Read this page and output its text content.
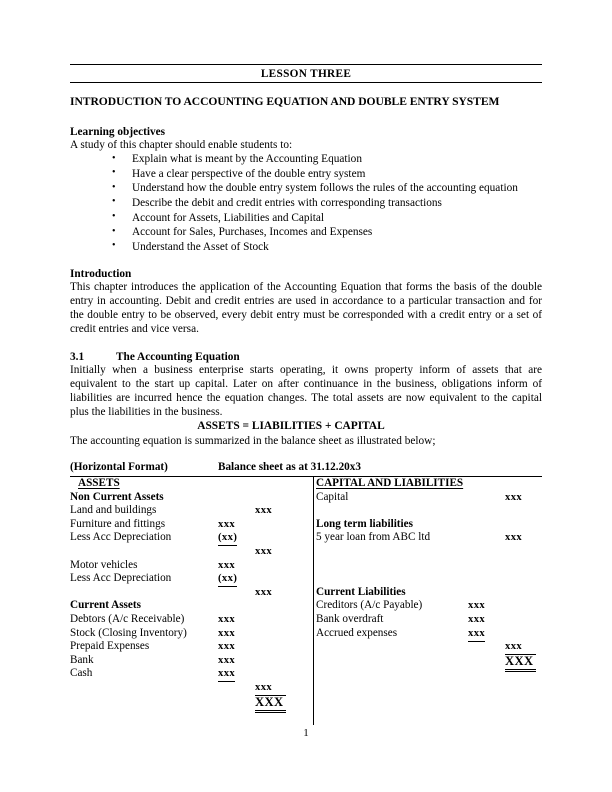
LESSON THREE
INTRODUCTION TO ACCOUNTING EQUATION AND DOUBLE ENTRY SYSTEM
Learning objectives
A study of this chapter should enable students to:
• Explain what is meant by the Accounting Equation
• Have a clear perspective of the double entry system
• Understand how the double entry system follows the rules of the accounting equation
• Describe the debit and credit entries with corresponding transactions
• Account for Assets, Liabilities and Capital
• Account for Sales, Purchases, Incomes and Expenses
• Understand the Asset of Stock
Introduction
This chapter introduces the application of the Accounting Equation that forms the basis of the double entry in accounting. Debit and credit entries are used in accordance to a particular transaction and for the double entry to be observed, every debit entry must be corresponded with a credit entry or a set of credit entries and vice versa.
3.1	The Accounting Equation
Initially when a business enterprise starts operating, it owns property inform of assets that are equivalent to the start up capital. Later on after continuance in the business, obligations inform of liabilities are incurred hence the equation changes. The total assets are now equivalent to the capital plus the liabilities in the business.
ASSETS = LIABILITIES + CAPITAL
The accounting equation is summarized in the balance sheet as illustrated below;
(Horizontal Format)	Balance sheet as at 31.12.20x3
ASSETS
Non Current Assets
Land and buildings	xxx
Furniture and fittings	xxx
Less Acc Depreciation	(xx)
xxx
Motor vehicles	xxx
Less Acc Depreciation	(xx)
xxx
Current Assets
Debtors (A/c Receivable)	xxx
Stock (Closing Inventory)	xxx
Prepaid Expenses	xxx
Bank	xxx
Cash	xxx
xxx
XXX
CAPITAL AND LIABILITIES
Capital	xxx
Long term liabilities
5 year loan from ABC ltd	xxx
Current Liabilities
Creditors (A/c Payable)	xxx
Bank overdraft	xxx
Accrued expenses	xxx
xxx
XXX
1
